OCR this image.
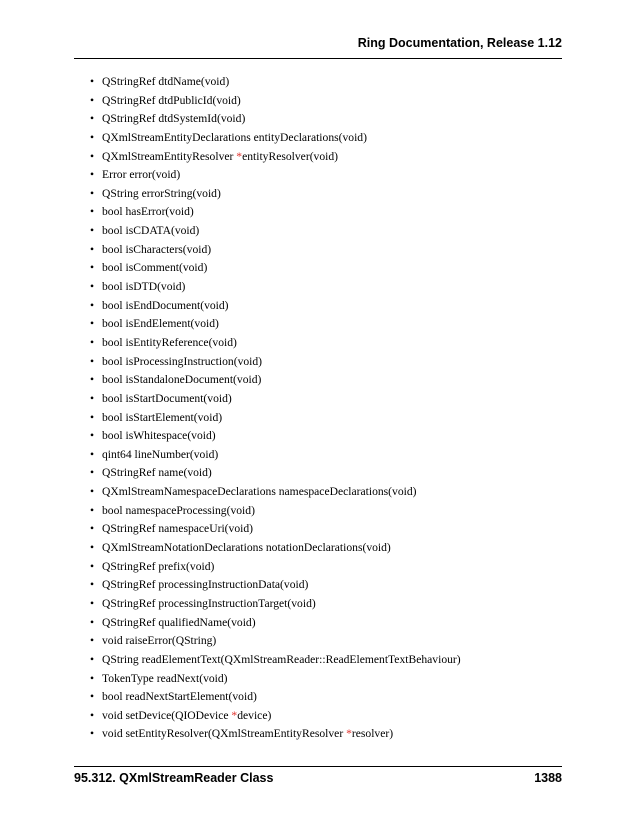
Ring Documentation, Release 1.12
• QStringRef dtdName(void)
• QStringRef dtdPublicId(void)
• QStringRef dtdSystemId(void)
• QXmlStreamEntityDeclarations entityDeclarations(void)
• QXmlStreamEntityResolver *entityResolver(void)
• Error error(void)
• QString errorString(void)
• bool hasError(void)
• bool isCDATA(void)
• bool isCharacters(void)
• bool isComment(void)
• bool isDTD(void)
• bool isEndDocument(void)
• bool isEndElement(void)
• bool isEntityReference(void)
• bool isProcessingInstruction(void)
• bool isStandaloneDocument(void)
• bool isStartDocument(void)
• bool isStartElement(void)
• bool isWhitespace(void)
• qint64 lineNumber(void)
• QStringRef name(void)
• QXmlStreamNamespaceDeclarations namespaceDeclarations(void)
• bool namespaceProcessing(void)
• QStringRef namespaceUri(void)
• QXmlStreamNotationDeclarations notationDeclarations(void)
• QStringRef prefix(void)
• QStringRef processingInstructionData(void)
• QStringRef processingInstructionTarget(void)
• QStringRef qualifiedName(void)
• void raiseError(QString)
• QString readElementText(QXmlStreamReader::ReadElementTextBehaviour)
• TokenType readNext(void)
• bool readNextStartElement(void)
• void setDevice(QIODevice *device)
• void setEntityResolver(QXmlStreamEntityResolver *resolver)
95.312. QXmlStreamReader Class	1388
